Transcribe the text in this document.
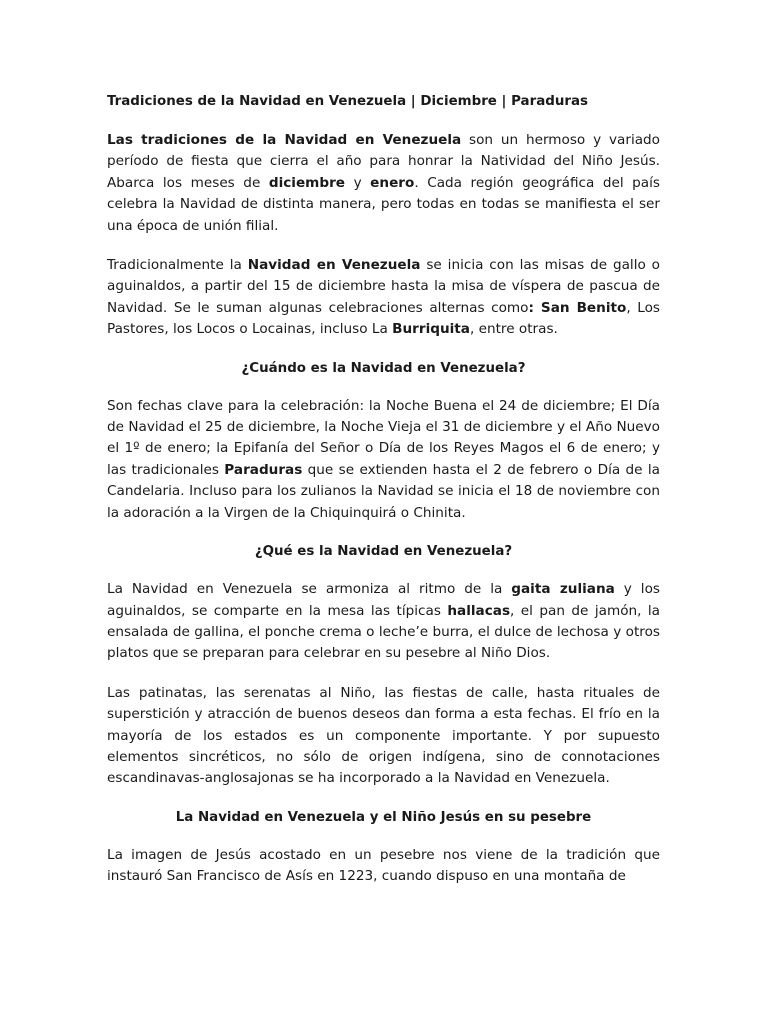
Tradiciones de la Navidad en Venezuela | Diciembre | Paraduras

Las tradiciones de la Navidad en Venezuela son un hermoso y variado período de fiesta que cierra el año para honrar la Natividad del Niño Jesús. Abarca los meses de diciembre y enero. Cada región geográfica del país celebra la Navidad de distinta manera, pero todas en todas se manifiesta el ser una época de unión filial.

Tradicionalmente la Navidad en Venezuela se inicia con las misas de gallo o aguinaldos, a partir del 15 de diciembre hasta la misa de víspera de pascua de Navidad. Se le suman algunas celebraciones alternas como: San Benito, Los Pastores, los Locos o Locainas, incluso La Burriquita, entre otras.

¿Cuándo es la Navidad en Venezuela?

Son fechas clave para la celebración: la Noche Buena el 24 de diciembre; El Día de Navidad el 25 de diciembre, la Noche Vieja el 31 de diciembre y el Año Nuevo el 1º de enero; la Epifanía del Señor o Día de los Reyes Magos el 6 de enero; y las tradicionales Paraduras que se extienden hasta el 2 de febrero o Día de la Candelaria. Incluso para los zulianos la Navidad se inicia el 18 de noviembre con la adoración a la Virgen de la Chiquinquirá o Chinita.

¿Qué es la Navidad en Venezuela?

La Navidad en Venezuela se armoniza al ritmo de la gaita zuliana y los aguinaldos, se comparte en la mesa las típicas hallacas, el pan de jamón, la ensalada de gallina, el ponche crema o leche’e burra, el dulce de lechosa y otros platos que se preparan para celebrar en su pesebre al Niño Dios.

Las patinatas, las serenatas al Niño, las fiestas de calle, hasta rituales de superstición y atracción de buenos deseos dan forma a esta fechas. El frío en la mayoría de los estados es un componente importante. Y por supuesto elementos sincréticos, no sólo de origen indígena, sino de connotaciones escandinavas-anglosajonas se ha incorporado a la Navidad en Venezuela.

La Navidad en Venezuela y el Niño Jesús en su pesebre

La imagen de Jesús acostado en un pesebre nos viene de la tradición que instauró San Francisco de Asís en 1223, cuando dispuso en una montaña de
